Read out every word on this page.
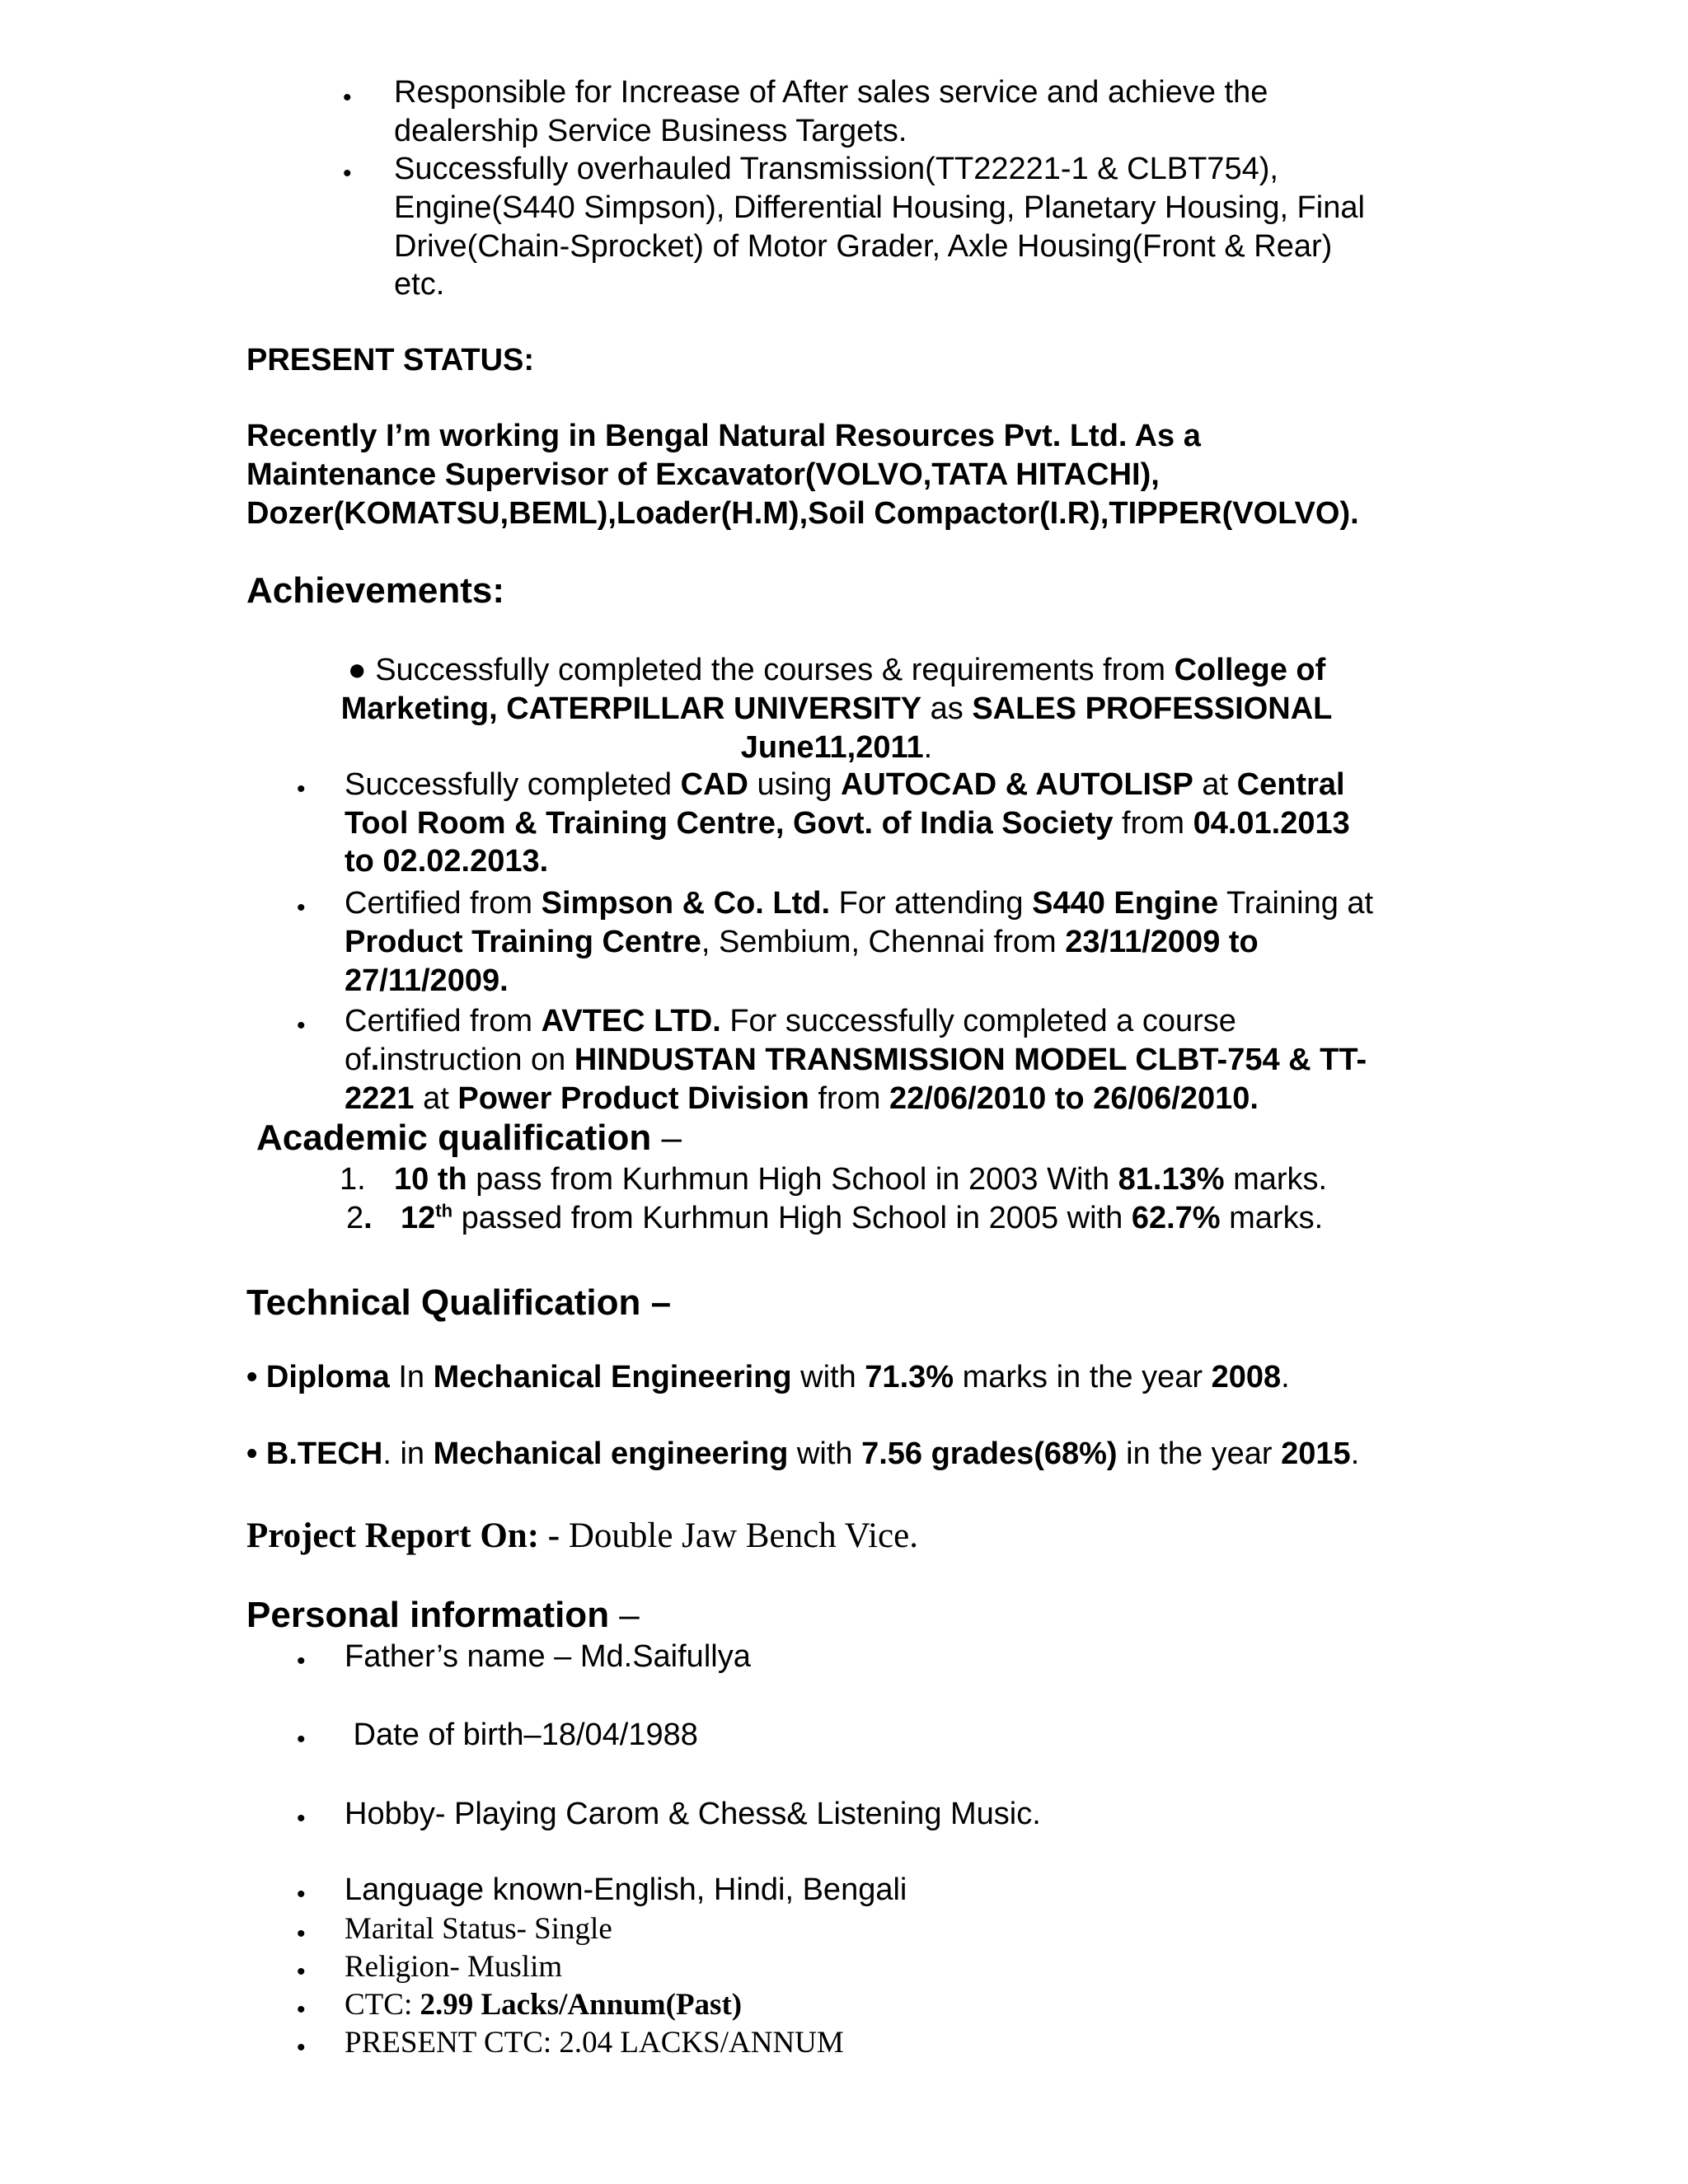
• Responsible for Increase of After sales service and achieve the

dealership Service Business Targets.

• Successfully overhauled Transmission(TT22221-1 & CLBT754),

Engine(S440 Simpson), Differential Housing, Planetary Housing, Final

Drive(Chain-Sprocket) of Motor Grader, Axle Housing(Front & Rear)

etc.

PRESENT STATUS:

Recently I’m working in Bengal Natural Resources Pvt. Ltd. As a

Maintenance Supervisor of Excavator(VOLVO,TATA HITACHI),

Dozer(KOMATSU,BEML),Loader(H.M),Soil Compactor(I.R),TIPPER(VOLVO).

Achievements:

● Successfully completed the courses & requirements from College of

Marketing, CATERPILLAR UNIVERSITY as SALES PROFESSIONAL

June11,2011.

• Successfully completed CAD using AUTOCAD & AUTOLISP at Central

Tool Room & Training Centre, Govt. of India Society from 04.01.2013

to 02.02.2013.

• Certified from Simpson & Co. Ltd. For attending S440 Engine Training at

Product Training Centre, Sembium, Chennai from 23/11/2009 to

27/11/2009.

• Certified from AVTEC LTD. For successfully completed a course

of.instruction on HINDUSTAN TRANSMISSION MODEL CLBT-754 & TT-

2221 at Power Product Division from 22/06/2010 to 26/06/2010.

Academic qualification –

1. 10 th pass from Kurhmun High School in 2003 With 81.13% marks.

2. 12th passed from Kurhmun High School in 2005 with 62.7% marks.

Technical Qualification –

• Diploma In Mechanical Engineering with 71.3% marks in the year 2008.

• B.TECH. in Mechanical engineering with 7.56 grades(68%) in the year 2015.

Project Report On: - Double Jaw Bench Vice.

Personal information –

• Father’s name – Md.Saifullya

• Date of birth–18/04/1988

• Hobby- Playing Carom & Chess& Listening Music.

• Language known-English, Hindi, Bengali

• Marital Status- Single

• Religion- Muslim

• CTC: 2.99 Lacks/Annum(Past)

• PRESENT CTC: 2.04 LACKS/ANNUM
